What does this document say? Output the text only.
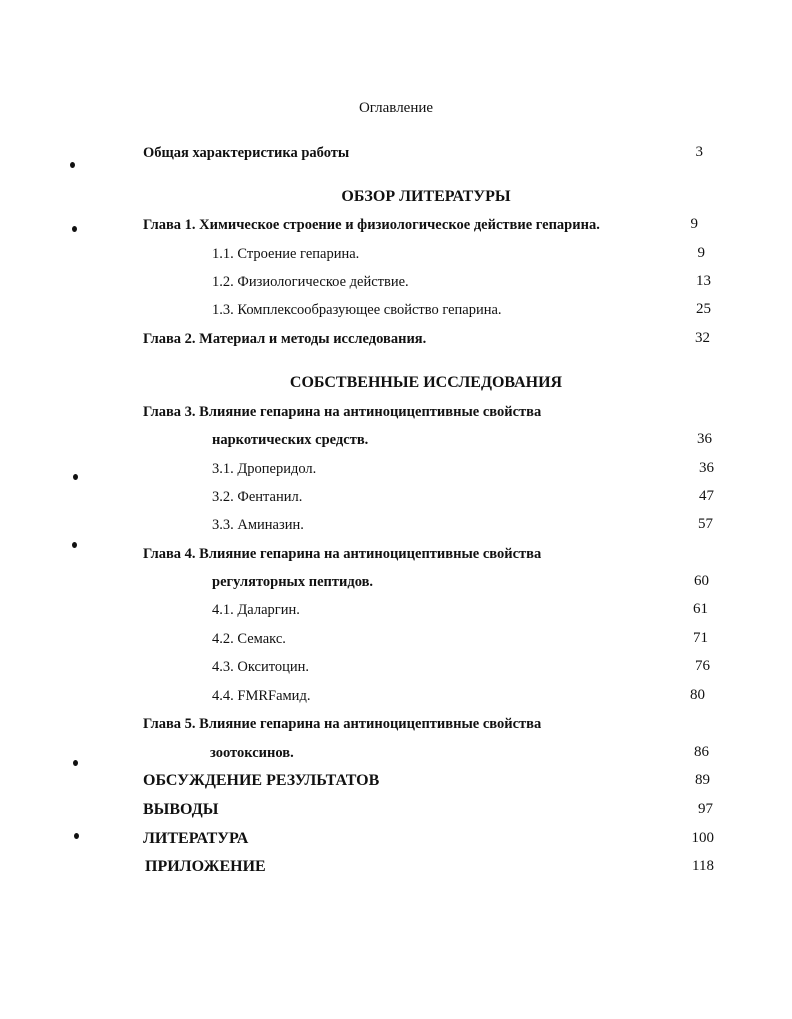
Оглавление
Общая характеристика работы	3
ОБЗОР ЛИТЕРАТУРЫ
Глава 1. Химическое строение и физиологическое действие гепарина.	9
1.1. Строение гепарина.	9
1.2. Физиологическое действие.	13
1.3. Комплексообразующее свойство гепарина.	25
Глава 2. Материал и методы исследования.	32
СОБСТВЕННЫЕ ИССЛЕДОВАНИЯ
Глава 3. Влияние гепарина на антиноцицептивные свойства
наркотических средств.	36
3.1. Дроперидол.	36
3.2. Фентанил.	47
3.3. Аминазин.	57
Глава 4. Влияние гепарина на антиноцицептивные свойства
регуляторных пептидов.	60
4.1. Даларгин.	61
4.2. Семакс.	71
4.3. Окситоцин.	76
4.4. FMRFамид.	80
Глава 5. Влияние гепарина на антиноцицептивные свойства
зоотоксинов.	86
ОБСУЖДЕНИЕ РЕЗУЛЬТАТОВ	89
ВЫВОДЫ	97
ЛИТЕРАТУРА	100
ПРИЛОЖЕНИЕ	118
